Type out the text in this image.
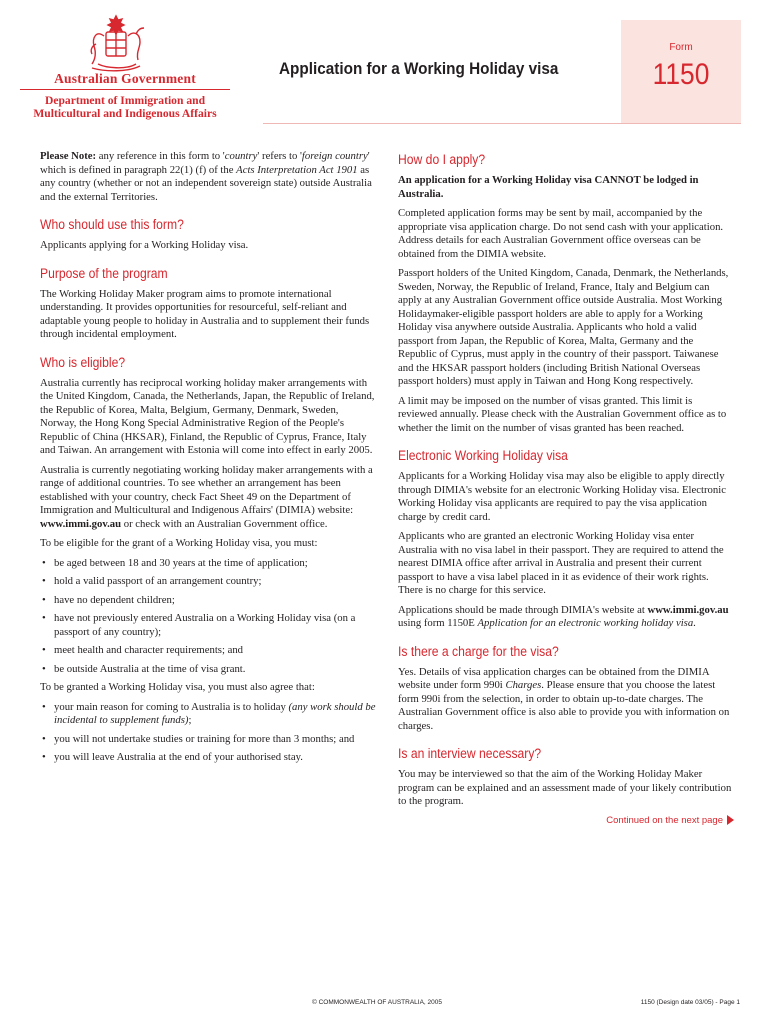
Australian Government
Department of Immigration and
Multicultural and Indigenous Affairs
Application for a Working Holiday visa
Form
1150

Please Note: any reference in this form to 'country' refers to 'foreign country' which is defined in paragraph 22(1) (f) of the Acts Interpretation Act 1901 as any country (whether or not an independent sovereign state) outside Australia and the external Territories.

Who should use this form?

Applicants applying for a Working Holiday visa.

Purpose of the program

The Working Holiday Maker program aims to promote international understanding. It provides opportunities for resourceful, self-reliant and adaptable young people to holiday in Australia and to supplement their funds through incidental employment.

Who is eligible?

Australia currently has reciprocal working holiday maker arrangements with the United Kingdom, Canada, the Netherlands, Japan, the Republic of Ireland, the Republic of Korea, Malta, Belgium, Germany, Denmark, Sweden, Norway, the Hong Kong Special Administrative Region of the People's Republic of China (HKSAR), Finland, the Republic of Cyprus, France, Italy and Taiwan. An arrangement with Estonia will come into effect in early 2005.

Australia is currently negotiating working holiday maker arrangements with a range of additional countries. To see whether an arrangement has been established with your country, check Fact Sheet 49 on the Department of Immigration and Multicultural and Indigenous Affairs' (DIMIA) website: www.immi.gov.au or check with an Australian Government office.

To be eligible for the grant of a Working Holiday visa, you must:

• be aged between 18 and 30 years at the time of application;
• hold a valid passport of an arrangement country;
• have no dependent children;
• have not previously entered Australia on a Working Holiday visa (on a passport of any country);
• meet health and character requirements; and
• be outside Australia at the time of visa grant.

To be granted a Working Holiday visa, you must also agree that:

• your main reason for coming to Australia is to holiday (any work should be incidental to supplement funds);
• you will not undertake studies or training for more than 3 months; and
• you will leave Australia at the end of your authorised stay.
How do I apply?

An application for a Working Holiday visa CANNOT be lodged in Australia.

Completed application forms may be sent by mail, accompanied by the appropriate visa application charge. Do not send cash with your application. Address details for each Australian Government office overseas can be obtained from the DIMIA website.

Passport holders of the United Kingdom, Canada, Denmark, the Netherlands, Sweden, Norway, the Republic of Ireland, France, Italy and Belgium can apply at any Australian Government office outside Australia. Most Working Holidaymaker-eligible passport holders are able to apply for a Working Holiday visa anywhere outside Australia. Applicants who hold a valid passport from Japan, the Republic of Korea, Malta, Germany and the Republic of Cyprus, must apply in the country of their passport. Taiwanese and the HKSAR passport holders (including British National Overseas passport holders) must apply in Taiwan and Hong Kong respectively.

A limit may be imposed on the number of visas granted. This limit is reviewed annually. Please check with the Australian Government office as to whether the limit on the number of visas granted has been reached.

Electronic Working Holiday visa

Applicants for a Working Holiday visa may also be eligible to apply directly through DIMIA's website for an electronic Working Holiday visa. Electronic Working Holiday visa applicants are required to pay the visa application charge by credit card.

Applicants who are granted an electronic Working Holiday visa enter Australia with no visa label in their passport. They are required to attend the nearest DIMIA office after arrival in Australia and present their current passport to have a visa label placed in it as evidence of their work rights. There is no charge for this service.

Applications should be made through DIMIA's website at www.immi.gov.au using form 1150E Application for an electronic working holiday visa.

Is there a charge for the visa?

Yes. Details of visa application charges can be obtained from the DIMIA website under form 990i Charges. Please ensure that you choose the latest form 990i from the selection, in order to obtain up-to-date charges. The Australian Government office is also able to provide you with information on charges.

Is an interview necessary?

You may be interviewed so that the aim of the Working Holiday Maker program can be explained and an assessment made of your likely contribution to the program.

Continued on the next page
© COMMONWEALTH OF AUSTRALIA, 2005	1150 (Design date 03/05) - Page 1
